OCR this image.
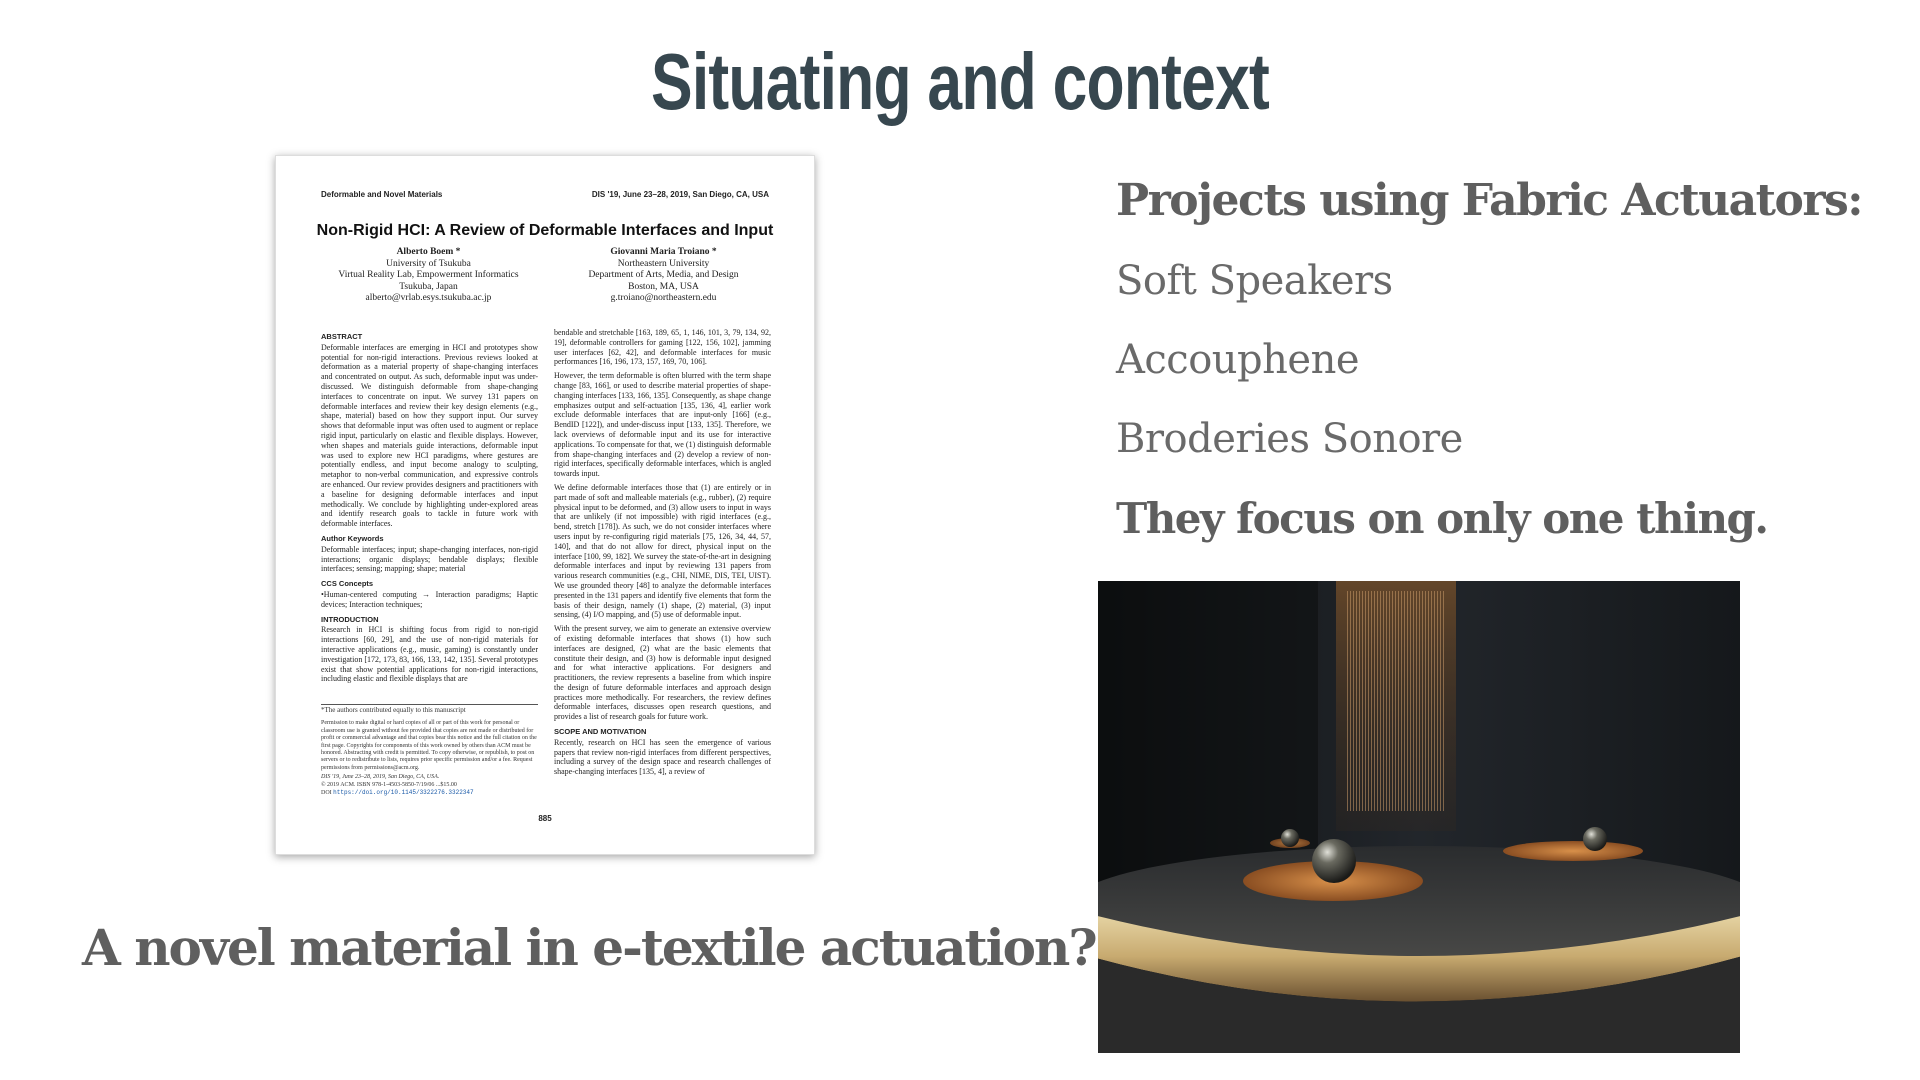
Situating and context
Deformable and Novel Materials	DIS '19, June 23–28, 2019, San Diego, CA, USA
Non-Rigid HCI: A Review of Deformable Interfaces and Input
Alberto Boem *
University of Tsukuba
Virtual Reality Lab, Empowerment Informatics
Tsukuba, Japan
alberto@vrlab.esys.tsukuba.ac.jp
Giovanni Maria Troiano *
Northeastern University
Department of Arts, Media, and Design
Boston, MA, USA
g.troiano@northeastern.edu
ABSTRACT
Deformable interfaces are emerging in HCI and prototypes show potential for non-rigid interactions. Previous reviews looked at deformation as a material property of shape-changing interfaces and concentrated on output. As such, deformable input was under-discussed. We distinguish deformable from shape-changing interfaces to concentrate on input. We survey 131 papers on deformable interfaces and review their key design elements (e.g., shape, material) based on how they support input. Our survey shows that deformable input was often used to augment or replace rigid input, particularly on elastic and flexible displays. However, when shapes and materials guide interactions, deformable input was used to explore new HCI paradigms, where gestures are potentially endless, and input become analogy to sculpting, metaphor to non-verbal communication, and expressive controls are enhanced. Our review provides designers and practitioners with a baseline for designing deformable interfaces and input methodically. We conclude by highlighting under-explored areas and identify research goals to tackle in future work with deformable interfaces.
Author Keywords
Deformable interfaces; input; shape-changing interfaces, non-rigid interactions; organic displays; bendable displays; flexible interfaces; sensing; mapping; shape; material
CCS Concepts
•Human-centered computing → Interaction paradigms; Haptic devices; Interaction techniques;
INTRODUCTION
Research in HCI is shifting focus from rigid to non-rigid interactions [60, 29], and the use of non-rigid materials for interactive applications (e.g., music, gaming) is constantly under investigation [172, 173, 83, 166, 133, 142, 135]. Several prototypes exist that show potential applications for non-rigid interactions, including elastic and flexible displays that are
*The authors contributed equally to this manuscript
Permission to make digital or hard copies of all or part of this work for personal or classroom use is granted without fee provided that copies are not made or distributed for profit or commercial advantage and that copies bear this notice and the full citation on the first page. Copyrights for components of this work owned by others than ACM must be honored. Abstracting with credit is permitted. To copy otherwise, or republish, to post on servers or to redistribute to lists, requires prior specific permission and/or a fee. Request permissions from permissions@acm.org.
DIS '19, June 23–28, 2019, San Diego, CA, USA.
© 2019 ACM. ISBN 978-1-4503-5850-7/19/06 ...$15.00
DOI https://doi.org/10.1145/3322276.3322347
bendable and stretchable [163, 189, 65, 1, 146, 101, 3, 79, 134, 92, 19], deformable controllers for gaming [122, 156, 102], jamming user interfaces [62, 42], and deformable interfaces for music performances [16, 196, 173, 157, 169, 70, 106].
However, the term deformable is often blurred with the term shape change [83, 166], or used to describe material properties of shape-changing interfaces [133, 166, 135]. Consequently, as shape change emphasizes output and self-actuation [135, 136, 4], earlier work exclude deformable interfaces that are input-only [166] (e.g., BendID [122]), and under-discuss input [133, 135]. Therefore, we lack overviews of deformable input and its use for interactive applications. To compensate for that, we (1) distinguish deformable from shape-changing interfaces and (2) develop a review of non-rigid interfaces, specifically deformable interfaces, which is angled towards input.
We define deformable interfaces those that (1) are entirely or in part made of soft and malleable materials (e.g., rubber), (2) require physical input to be deformed, and (3) allow users to input in ways that are unlikely (if not impossible) with rigid interfaces (e.g., bend, stretch [178]). As such, we do not consider interfaces where users input by re-configuring rigid materials [75, 126, 34, 44, 57, 140], and that do not allow for direct, physical input on the interface [100, 99, 182]. We survey the state-of-the-art in designing deformable interfaces and input by reviewing 131 papers from various research communities (e.g., CHI, NIME, DIS, TEI, UIST). We use grounded theory [48] to analyze the deformable interfaces presented in the 131 papers and identify five elements that form the basis of their design, namely (1) shape, (2) material, (3) input sensing, (4) I/O mapping, and (5) use of deformable input.
With the present survey, we aim to generate an extensive overview of existing deformable interfaces that shows (1) how such interfaces are designed, (2) what are the basic elements that constitute their design, and (3) how is deformable input designed and for what interactive applications. For designers and practitioners, the review represents a baseline from which inspire the design of future deformable interfaces and approach design practices more methodically. For researchers, the review defines deformable interfaces, discusses open research questions, and provides a list of research goals for future work.
SCOPE AND MOTIVATION
Recently, research on HCI has seen the emergence of various papers that review non-rigid interfaces from different perspectives, including a survey of the design space and research challenges of shape-changing interfaces [135, 4], a review of
885
Projects using Fabric Actuators:
Soft Speakers
Accouphene
Broderies Sonore
They focus on only one thing.
A novel material in e-textile actuation?
